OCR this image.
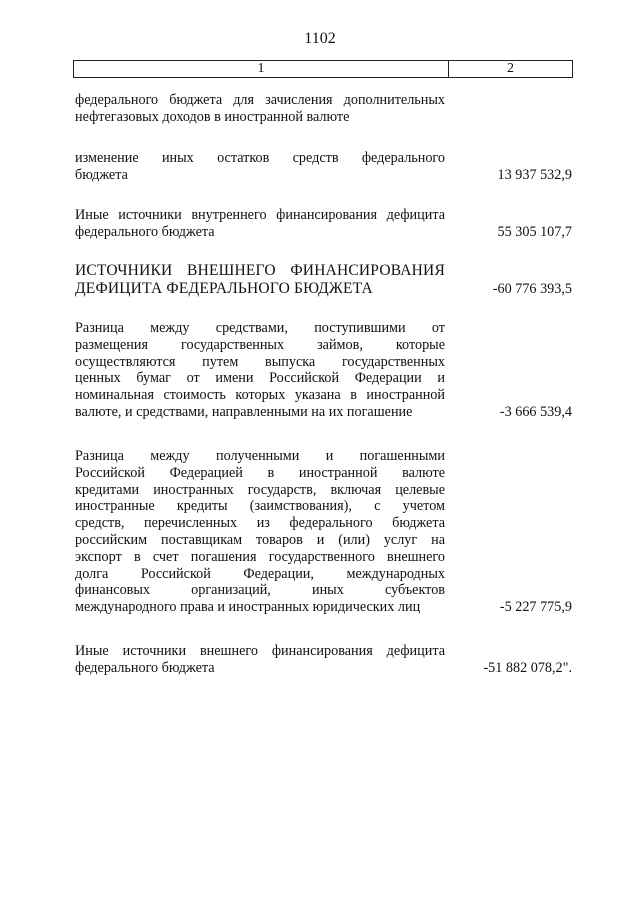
1102
1	2
федерального бюджета для зачисления дополнительных
нефтегазовых доходов в иностранной валюте
изменение иных остатков средств федерального
бюджета	13 937 532,9
Иные источники внутреннего финансирования дефицита
федерального бюджета	55 305 107,7
ИСТОЧНИКИ ВНЕШНЕГО ФИНАНСИРОВАНИЯ
ДЕФИЦИТА ФЕДЕРАЛЬНОГО БЮДЖЕТА	-60 776 393,5
Разница между средствами, поступившими от
размещения государственных займов, которые
осуществляются путем выпуска государственных
ценных бумаг от имени Российской Федерации и
номинальная стоимость которых указана в иностранной
валюте, и средствами, направленными на их погашение	-3 666 539,4
Разница между полученными и погашенными
Российской Федерацией в иностранной валюте
кредитами иностранных государств, включая целевые
иностранные кредиты (заимствования), с учетом
средств, перечисленных из федерального бюджета
российским поставщикам товаров и (или) услуг на
экспорт в счет погашения государственного внешнего
долга Российской Федерации, международных
финансовых организаций, иных субъектов
международного права и иностранных юридических лиц	-5 227 775,9
Иные источники внешнего финансирования дефицита
федерального бюджета	-51 882 078,2".
